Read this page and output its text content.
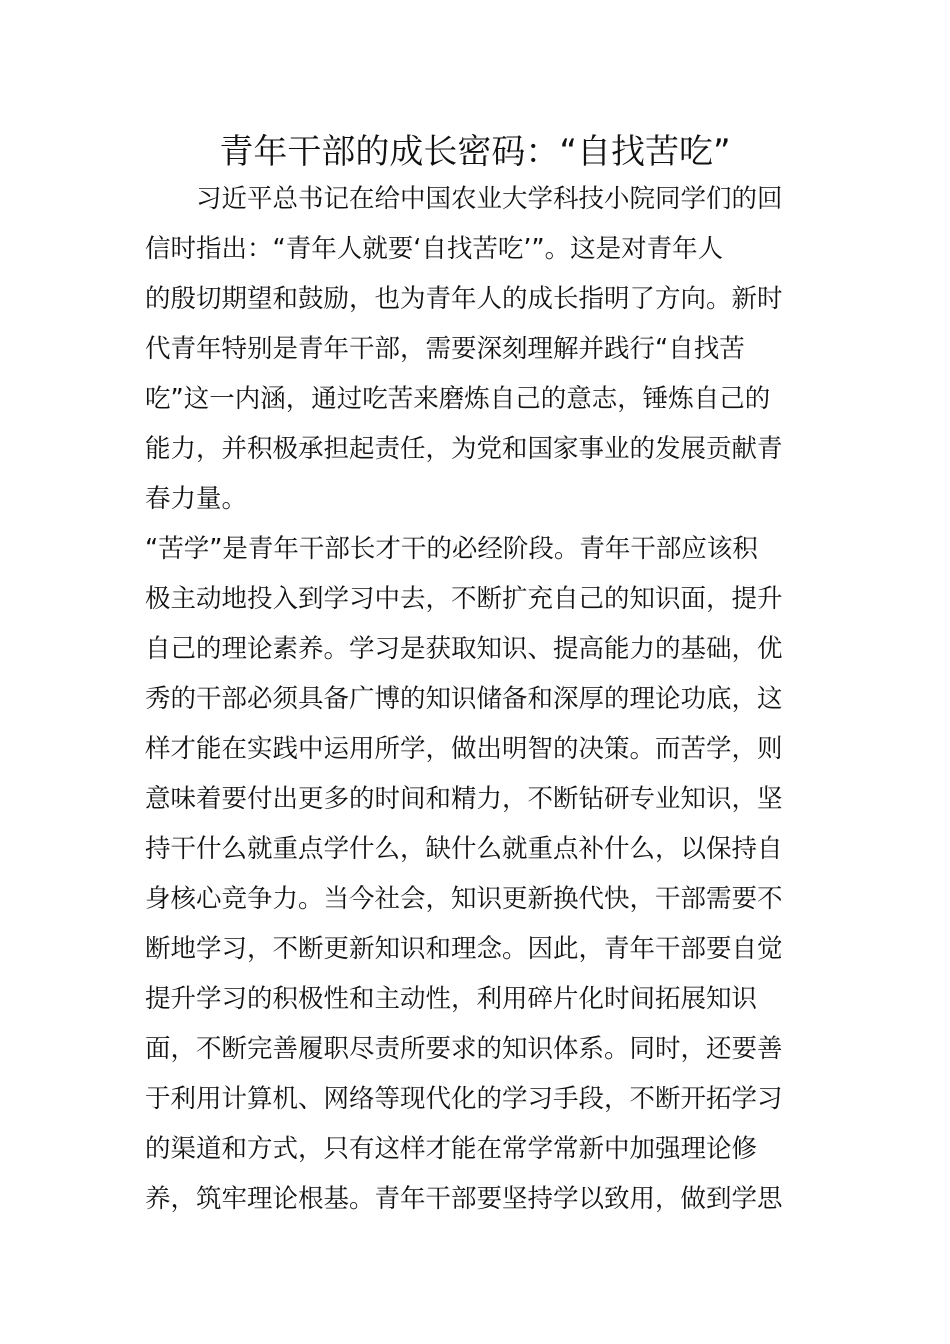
青年干部的成长密码：“自找苦吃”
　　习近平总书记在给中国农业大学科技小院同学们的回
信时指出：“青年人就要‘自找苦吃’”。这是对青年人
的殷切期望和鼓励，也为青年人的成长指明了方向。新时
代青年特别是青年干部，需要深刻理解并践行“自找苦
吃”这一内涵，通过吃苦来磨炼自己的意志，锤炼自己的
能力，并积极承担起责任，为党和国家事业的发展贡献青
春力量。
“苦学”是青年干部长才干的必经阶段。青年干部应该积
极主动地投入到学习中去，不断扩充自己的知识面，提升
自己的理论素养。学习是获取知识、提高能力的基础，优
秀的干部必须具备广博的知识储备和深厚的理论功底，这
样才能在实践中运用所学，做出明智的决策。而苦学，则
意味着要付出更多的时间和精力，不断钻研专业知识，坚
持干什么就重点学什么，缺什么就重点补什么，以保持自
身核心竞争力。当今社会，知识更新换代快，干部需要不
断地学习，不断更新知识和理念。因此，青年干部要自觉
提升学习的积极性和主动性，利用碎片化时间拓展知识
面，不断完善履职尽责所要求的知识体系。同时，还要善
于利用计算机、网络等现代化的学习手段，不断开拓学习
的渠道和方式，只有这样才能在常学常新中加强理论修
养，筑牢理论根基。青年干部要坚持学以致用，做到学思
